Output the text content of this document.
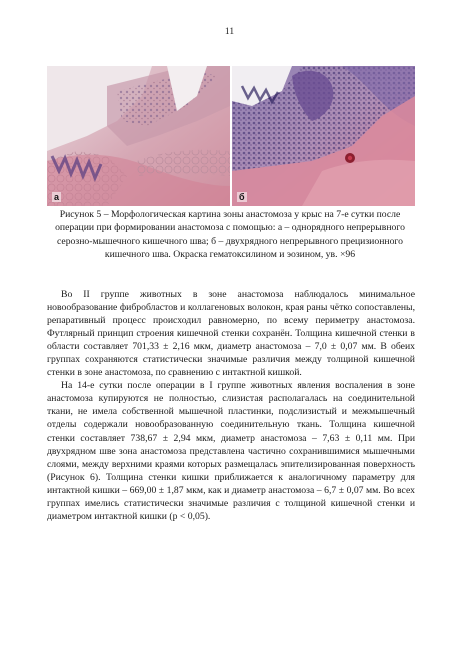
11
а	б

Рисунок 5 – Морфологическая картина зоны анастомоза у крыс на 7-е сутки после операции при формировании анастомоза с помощью: а – однорядного непрерывного серозно-мышечного кишечного шва; б – двухрядного непрерывного прецизионного кишечного шва. Окраска гематоксилином и эозином, ув. ×96

Во II группе животных в зоне анастомоза наблюдалось минимальное новообразование фибробластов и коллагеновых волокон, края раны чётко сопоставлены, репаративный процесс происходил равномерно, по всему периметру анастомоза. Футлярный принцип строения кишечной стенки сохранён. Толщина кишечной стенки в области составляет 701,33 ± 2,16 мкм, диаметр анастомоза – 7,0 ± 0,07 мм. В обеих группах сохраняются статистически значимые различия между толщиной кишечной стенки в зоне анастомоза, по сравнению с интактной кишкой.

На 14-е сутки после операции в I группе животных явления воспаления в зоне анастомоза купируются не полностью, слизистая располагалась на соединительной ткани, не имела собственной мышечной пластинки, подслизистый и межмышечный отделы содержали новообразованную соединительную ткань. Толщина кишечной стенки составляет 738,67 ± 2,94 мкм, диаметр анастомоза – 7,63 ± 0,11 мм. При двухрядном шве зона анастомоза представлена частично сохранившимися мышечными слоями, между верхними краями которых размещалась эпителизированная поверхность (Рисунок 6). Толщина стенки кишки приближается к аналогичному параметру для интактной кишки – 669,00 ± 1,87 мкм, как и диаметр анастомоза – 6,7 ± 0,07 мм. Во всех группах имелись статистически значимые различия с толщиной кишечной стенки и диаметром интактной кишки (p < 0,05).
